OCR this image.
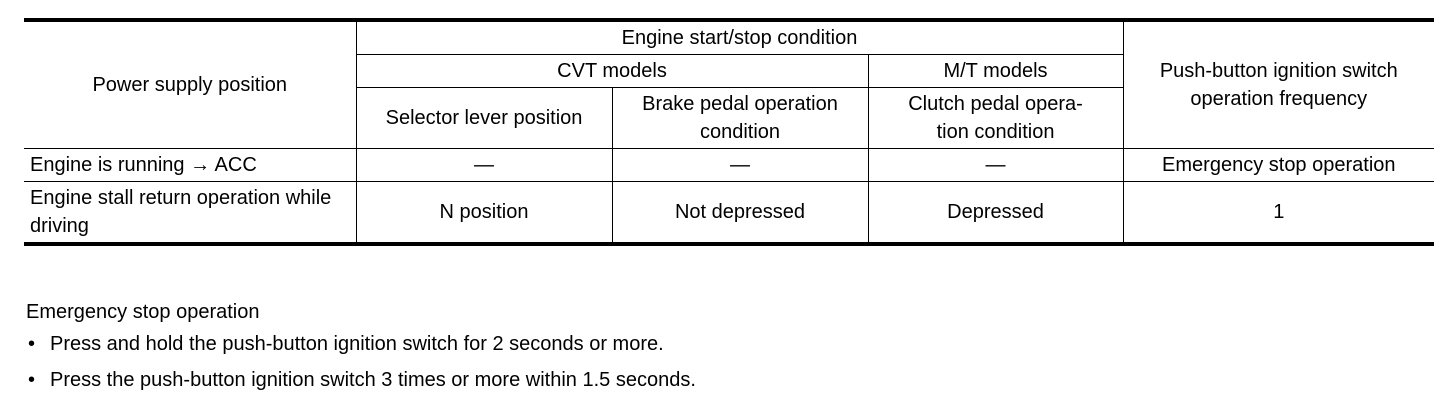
Power supply position	Engine start/stop condition			Push-button ignition switch operation frequency
	CVT models		M/T models	
	Selector lever position	Brake pedal operation condition	Clutch pedal opera-
tion condition	
Engine is running → ACC	—	—	—	Emergency stop operation
Engine stall return operation while driving	N position	Not depressed	Depressed	1
Emergency stop operation
• Press and hold the push-button ignition switch for 2 seconds or more.
• Press the push-button ignition switch 3 times or more within 1.5 seconds.
